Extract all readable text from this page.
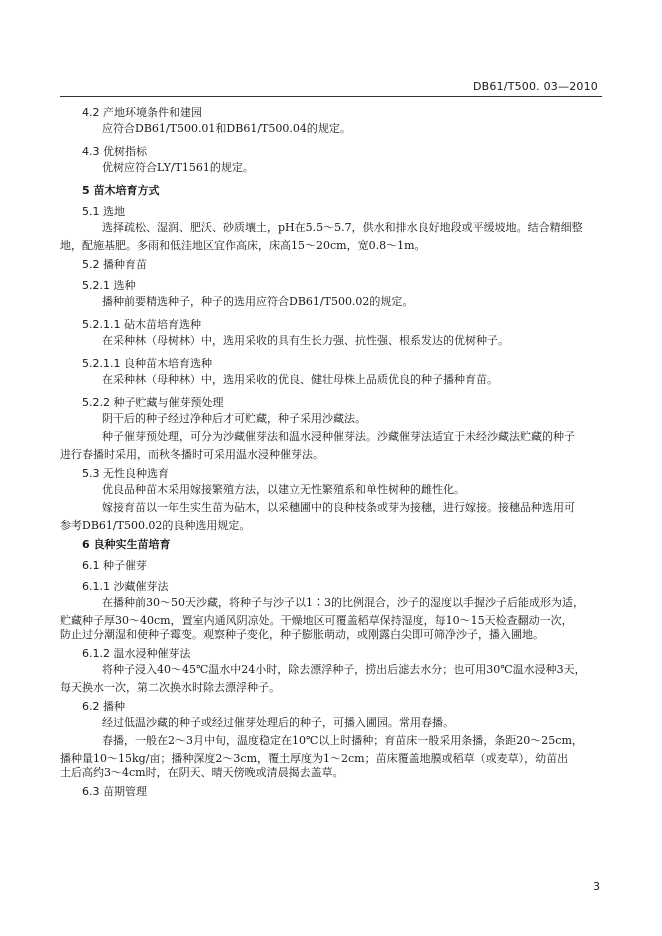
DB61/T500. 03—2010
4.2 产地环境条件和建园
应符合DB61/T500.01和DB61/T500.04的规定。
4.3 优树指标
优树应符合LY/T1561的规定。
5 苗木培育方式
5.1 选地
选择疏松、湿润、肥沃、砂质壤土，pH在5.5～5.7，供水和排水良好地段或平缓坡地。结合精细整
地，配施基肥。多雨和低洼地区宜作高床，床高15～20cm，宽0.8～1m。
5.2 播种育苗
5.2.1 选种
播种前要精选种子，种子的选用应符合DB61/T500.02的规定。
5.2.1.1 砧木苗培育选种
在采种林（母树林）中，选用采收的具有生长力强、抗性强、根系发达的优树种子。
5.2.1.1 良种苗木培育选种
在采种林（母种林）中，选用采收的优良、健壮母株上品质优良的种子播种育苗。
5.2.2 种子贮藏与催芽预处理
阴干后的种子经过净种后才可贮藏，种子采用沙藏法。
种子催芽预处理，可分为沙藏催芽法和温水浸种催芽法。沙藏催芽法适宜于未经沙藏法贮藏的种子
进行春播时采用，而秋冬播时可采用温水浸种催芽法。
5.3 无性良种选育
优良品种苗木采用嫁接繁殖方法，以建立无性繁殖系和单性树种的雌性化。
嫁接育苗以一年生实生苗为砧木，以采穗圃中的良种枝条或芽为接穗，进行嫁接。接穗品种选用可
参考DB61/T500.02的良种选用规定。
6 良种实生苗培育
6.1 种子催芽
6.1.1 沙藏催芽法
在播种前30～50天沙藏，将种子与沙子以1∶3的比例混合，沙子的湿度以手握沙子后能成形为适，
贮藏种子厚30～40cm，置室内通风阴凉处。干燥地区可覆盖稻草保持湿度，每10～15天检查翻动一次，
防止过分潮湿和使种子霉变。观察种子变化，种子膨胀萌动，或刚露白尖即可筛净沙子，播入圃地。
6.1.2 温水浸种催芽法
将种子浸入40～45℃温水中24小时，除去漂浮种子，捞出后滤去水分；也可用30℃温水浸种3天，
每天换水一次，第二次换水时除去漂浮种子。
6.2 播种
经过低温沙藏的种子或经过催芽处理后的种子，可播入圃园。常用春播。
春播，一般在2～3月中旬，温度稳定在10℃以上时播种；育苗床一般采用条播，条距20～25cm，
播种量10～15kg/亩；播种深度2～3cm，覆土厚度为1～2cm；苗床覆盖地膜或稻草（或麦草），幼苗出
土后高约3～4cm时，在阴天、晴天傍晚或清晨揭去盖草。
6.3 苗期管理
3
